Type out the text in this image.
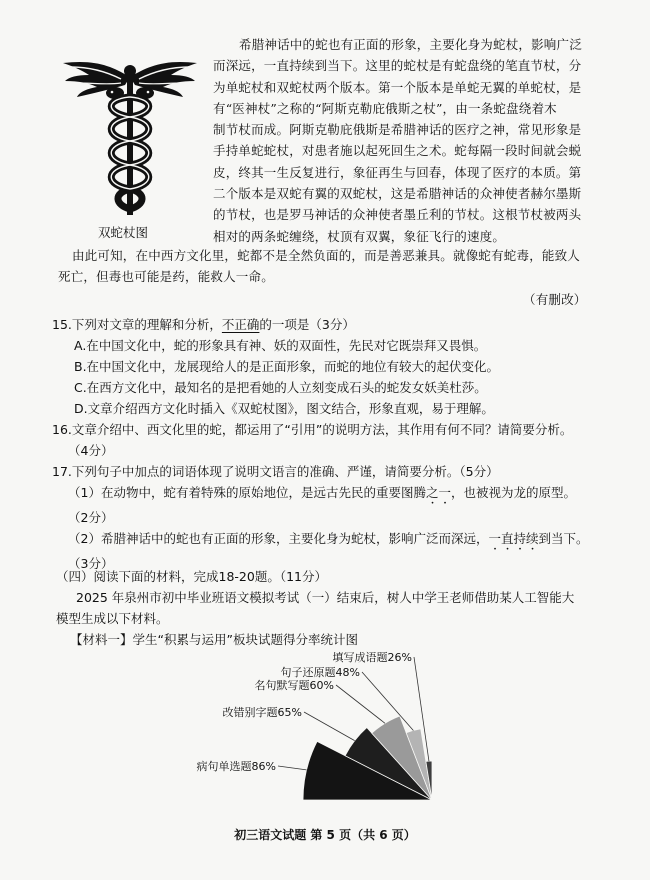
双蛇杖图
希腊神话中的蛇也有正面的形象，主要化身为蛇杖，影响广泛
而深远，一直持续到当下。这里的蛇杖是有蛇盘绕的笔直节杖，分
为单蛇杖和双蛇杖两个版本。第一个版本是单蛇无翼的单蛇杖，是
有“医神杖”之称的“阿斯克勒庇俄斯之杖”，由一条蛇盘绕着木
制节杖而成。阿斯克勒庇俄斯是希腊神话的医疗之神，常见形象是
手持单蛇蛇杖，对患者施以起死回生之术。蛇每隔一段时间就会蜕
皮，终其一生反复进行，象征再生与回春，体现了医疗的本质。第
二个版本是双蛇有翼的双蛇杖，这是希腊神话的众神使者赫尔墨斯
的节杖，也是罗马神话的众神使者墨丘利的节杖。这根节杖被两头
相对的两条蛇缠绕，杖顶有双翼，象征飞行的速度。
由此可知，在中西方文化里，蛇都不是全然负面的，而是善恶兼具。就像蛇有蛇毒，能致人
死亡，但毒也可能是药，能救人一命。
（有删改）
15.下列对文章的理解和分析，不正确的一项是（3分）
A.在中国文化中，蛇的形象具有神、妖的双面性，先民对它既崇拜又畏惧。
B.在中国文化中，龙展现给人的是正面形象，而蛇的地位有较大的起伏变化。
C.在西方文化中，最知名的是把看她的人立刻变成石头的蛇发女妖美杜莎。
D.文章介绍西方文化时插入《双蛇杖图》，图文结合，形象直观，易于理解。
16.文章介绍中、西文化里的蛇，都运用了“引用”的说明方法，其作用有何不同？请简要分析。
（4分）
17.下列句子中加点的词语体现了说明文语言的准确、严谨，请简要分析。（5分）
（1）在动物中，蛇有着特殊的原始地位，是远古先民的重要图腾之一，也被视为龙的原型。
（2分）
（2）希腊神话中的蛇也有正面的形象，主要化身为蛇杖，影响广泛而深远，一直持续到当下。
（3分）
（四）阅读下面的材料，完成18-20题。（11分）
2025 年泉州市初中毕业班语文模拟考试（一）结束后，树人中学王老师借助某人工智能大
模型生成以下材料。
【材料一】学生“积累与运用”板块试题得分率统计图
病句单选题86%
改错别字题65%
名句默写题60%
句子还原题48%
填写成语题26%
初三语文试题 第 5 页（共 6 页）
